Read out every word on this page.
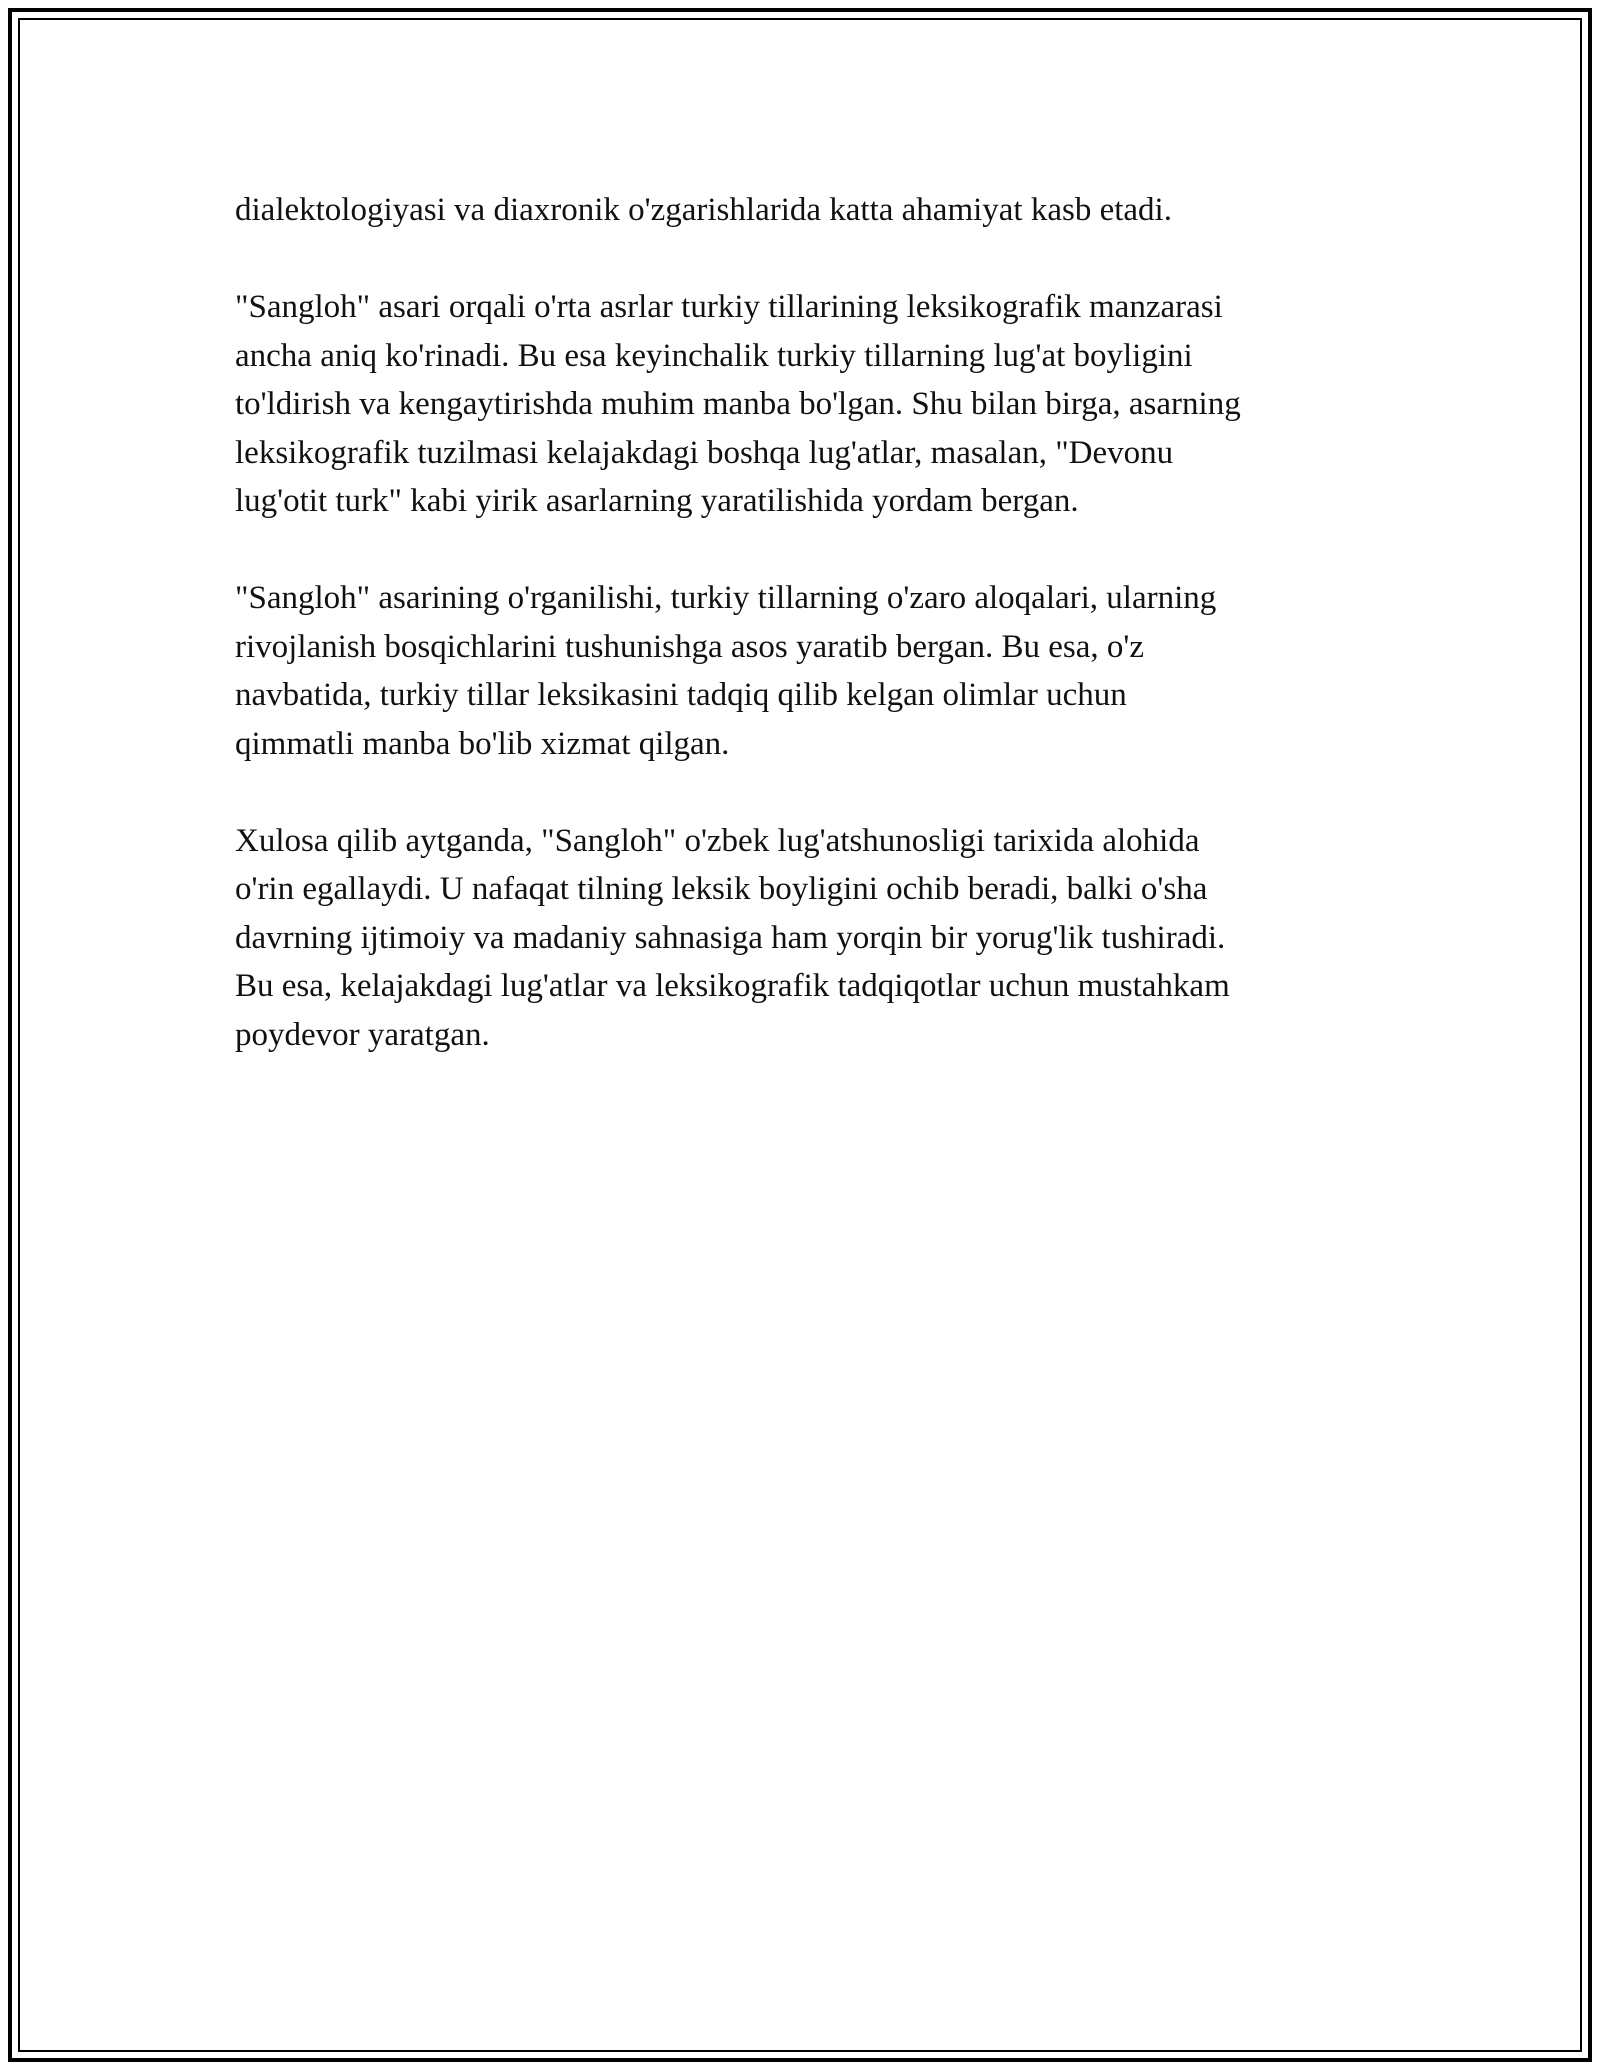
dialektologiyasi va diaxronik o'zgarishlarida katta ahamiyat kasb etadi.

"Sangloh" asari orqali o'rta asrlar turkiy tillarining leksikografik manzarasi
ancha aniq ko'rinadi. Bu esa keyinchalik turkiy tillarning lug'at boyligini
to'ldirish va kengaytirishda muhim manba bo'lgan. Shu bilan birga, asarning
leksikografik tuzilmasi kelajakdagi boshqa lug'atlar, masalan, "Devonu
lug'otit turk" kabi yirik asarlarning yaratilishida yordam bergan.

"Sangloh" asarining o'rganilishi, turkiy tillarning o'zaro aloqalari, ularning
rivojlanish bosqichlarini tushunishga asos yaratib bergan. Bu esa, o'z
navbatida, turkiy tillar leksikasini tadqiq qilib kelgan olimlar uchun
qimmatli manba bo'lib xizmat qilgan.

Xulosa qilib aytganda, "Sangloh" o'zbek lug'atshunosligi tarixida alohida
o'rin egallaydi. U nafaqat tilning leksik boyligini ochib beradi, balki o'sha
davrning ijtimoiy va madaniy sahnasiga ham yorqin bir yorug'lik tushiradi.
Bu esa, kelajakdagi lug'atlar va leksikografik tadqiqotlar uchun mustahkam
poydevor yaratgan.
